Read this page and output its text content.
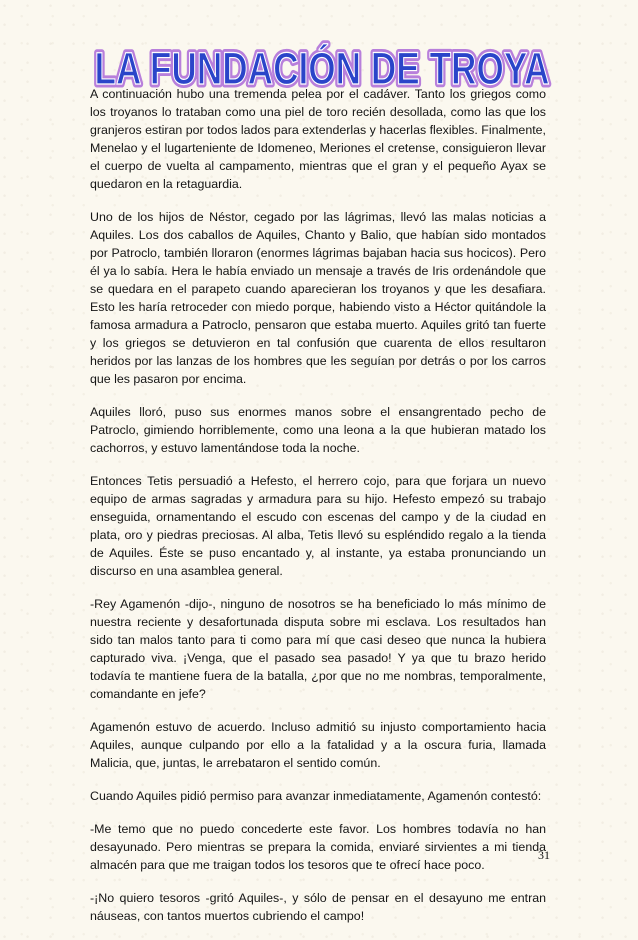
LA FUNDACIÓN DE TROYA
LA FUNDACIÓN DE TROYA

A continuación hubo una tremenda pelea por el cadáver. Tanto los griegos como los troyanos lo trataban como una piel de toro recién desollada, como las que los granjeros estiran por todos lados para extenderlas y hacerlas flexibles. Finalmente, Menelao y el lugarteniente de Idomeneo, Meriones el cretense, consiguieron llevar el cuerpo de vuelta al campamento, mientras que el gran y el pequeño Ayax se quedaron en la retaguardia.

Uno de los hijos de Néstor, cegado por las lágrimas, llevó las malas noticias a Aquiles. Los dos caballos de Aquiles, Chanto y Balio, que habían sido montados por Patroclo, también lloraron (enormes lágrimas bajaban hacia sus hocicos). Pero él ya lo sabía. Hera le había enviado un mensaje a través de Iris ordenándole que se quedara en el parapeto cuando aparecieran los troyanos y que les desafiara. Esto les haría retroceder con miedo porque, habiendo visto a Héctor quitándole la famosa armadura a Patroclo, pensaron que estaba muerto. Aquiles gritó tan fuerte y los griegos se detuvieron en tal confusión que cuarenta de ellos resultaron heridos por las lanzas de los hombres que les seguían por detrás o por los carros que les pasaron por encima.

Aquiles lloró, puso sus enormes manos sobre el ensangrentado pecho de Patroclo, gimiendo horriblemente, como una leona a la que hubieran matado los cachorros, y estuvo lamentándose toda la noche.

Entonces Tetis persuadió a Hefesto, el herrero cojo, para que forjara un nuevo equipo de armas sagradas y armadura para su hijo. Hefesto empezó su trabajo enseguida, ornamentando el escudo con escenas del campo y de la ciudad en plata, oro y piedras preciosas. Al alba, Tetis llevó su espléndido regalo a la tienda de Aquiles. Éste se puso encantado y, al instante, ya estaba pronunciando un discurso en una asamblea general.

-Rey Agamenón -dijo-, ninguno de nosotros se ha beneficiado lo más mínimo de nuestra reciente y desafortunada disputa sobre mi esclava. Los resultados han sido tan malos tanto para ti como para mí que casi deseo que nunca la hubiera capturado viva. ¡Venga, que el pasado sea pasado! Y ya que tu brazo herido todavía te mantiene fuera de la batalla, ¿por que no me nombras, temporalmente, comandante en jefe?

Agamenón estuvo de acuerdo. Incluso admitió su injusto comportamiento hacia Aquiles, aunque culpando por ello a la fatalidad y a la oscura furia, llamada Malicia, que, juntas, le arrebataron el sentido común.

Cuando Aquiles pidió permiso para avanzar inmediatamente, Agamenón contestó:

-Me temo que no puedo concederte este favor. Los hombres todavía no han desayunado. Pero mientras se prepara la comida, enviaré sirvientes a mi tienda almacén para que me traigan todos los tesoros que te ofrecí hace poco.

-¡No quiero tesoros -gritó Aquiles-, y sólo de pensar en el desayuno me entran náuseas, con tantos muertos cubriendo el campo!

31
